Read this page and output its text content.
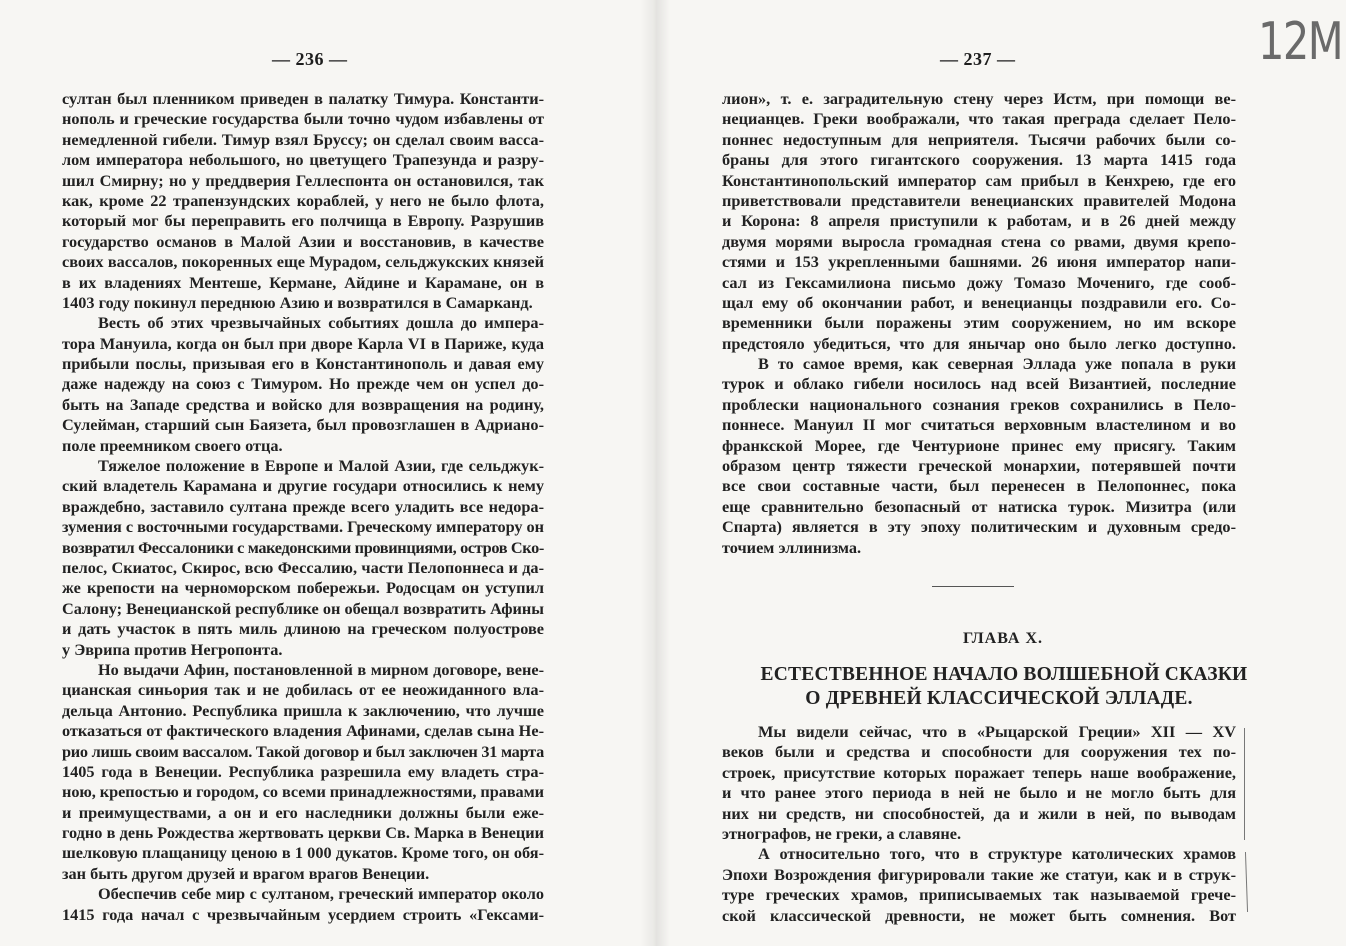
— 236 —
султан был пленником приведен в палатку Тимура. Константи-
нополь и греческие государства были точно чудом избавлены от
немедленной гибели. Тимур взял Бруссу; он сделал своим васса-
лом императора небольшого, но цветущего Трапезунда и разру-
шил Смирну; но у преддверия Геллеспонта он остановился, так
как, кроме 22 трапензундских кораблей, у него не было флота,
который мог бы переправить его полчища в Европу. Разрушив
государство османов в Малой Азии и восстановив, в качестве
своих вассалов, покоренных еще Мурадом, сельджукских князей
в их владениях Ментеше, Кермане, Айдине и Карамане, он в
1403 году покинул переднюю Азию и возвратился в Самарканд.
Весть об этих чрезвычайных событиях дошла до импера-
тора Мануила, когда он был при дворе Карла VI в Париже, куда
прибыли послы, призывая его в Константинополь и давая ему
даже надежду на союз с Тимуром. Но прежде чем он успел до-
быть на Западе средства и войско для возвращения на родину,
Сулейман, старший сын Баязета, был провозглашен в Адриано-
поле преемником своего отца.
Тяжелое положение в Европе и Малой Азии, где сельджук-
ский владетель Карамана и другие государи относились к нему
враждебно, заставило султана прежде всего уладить все недора-
зумения с восточными государствами. Греческому императору он
возвратил Фессалоники с македонскими провинциями, остров Ско-
пелос, Скиатос, Скирос, всю Фессалию, части Пелопоннеса и да-
же крепости на черноморском побережьи. Родосцам он уступил
Салону; Венецианской республике он обещал возвратить Афины
и дать участок в пять миль длиною на греческом полуострове
у Эврипа против Негропонта.
Но выдачи Афин, постановленной в мирном договоре, вене-
цианская синьория так и не добилась от ее неожиданного вла-
дельца Антонио. Республика пришла к заключению, что лучше
отказаться от фактического владения Афинами, сделав сына Не-
рио лишь своим вассалом. Такой договор и был заключен 31 марта
1405 года в Венеции. Республика разрешила ему владеть стра-
ною, крепостью и городом, со всеми принадлежностями, правами
и преимуществами, а он и его наследники должны были еже-
годно в день Рождества жертвовать церкви Св. Марка в Венеции
шелковую плащаницу ценою в 1 000 дукатов. Кроме того, он обя-
зан быть другом друзей и врагом врагов Венеции.
Обеспечив себе мир с султаном, греческий император около
1415 года начал с чрезвычайным усердием строить «Гексами-
— 237 —
лион», т. е. заградительную стену через Истм, при помощи ве-
нецианцев. Греки воображали, что такая преграда сделает Пело-
поннес недоступным для неприятеля. Тысячи рабочих были со-
браны для этого гигантского сооружения. 13 марта 1415 года
Константинопольский император сам прибыл в Кенхрею, где его
приветствовали представители венецианских правителей Модона
и Корона: 8 апреля приступили к работам, и в 26 дней между
двумя морями выросла громадная стена со рвами, двумя крепо-
стями и 153 укрепленными башнями. 26 июня император напи-
сал из Гексамилиона письмо дожу Томазо Мочениго, где сооб-
щал ему об окончании работ, и венецианцы поздравили его. Со-
временники были поражены этим сооружением, но им вскоре
предстояло убедиться, что для янычар оно было легко доступно.
В то самое время, как северная Эллада уже попала в руки
турок и облако гибели носилось над всей Византией, последние
проблески национального сознания греков сохранились в Пело-
поннесе. Мануил II мог считаться верховным властелином и во
франкской Морее, где Чентурионе принес ему присягу. Таким
образом центр тяжести греческой монархии, потерявшей почти
все свои составные части, был перенесен в Пелопоннес, пока
еще сравнительно безопасный от натиска турок. Мизитра (или
Спарта) является в эту эпоху политическим и духовным средо-
точием эллинизма.
ГЛАВА X.
ЕСТЕСТВЕННОЕ НАЧАЛО ВОЛШЕБНОЙ СКАЗКИ
О ДРЕВНЕЙ КЛАССИЧЕСКОЙ ЭЛЛАДЕ.
Мы видели сейчас, что в «Рыцарской Греции» XII — XV
веков были и средства и способности для сооружения тех по-
строек, присутствие которых поражает теперь наше воображение,
и что ранее этого периода в ней не было и не могло быть для
них ни средств, ни способностей, да и жили в ней, по выводам
этнографов, не греки, а славяне.
А относительно того, что в структуре католических храмов
Эпохи Возрождения фигурировали такие же статуи, как и в струк-
туре греческих храмов, приписываемых так называемой грече-
ской классической древности, не может быть сомнения. Вот
12M
